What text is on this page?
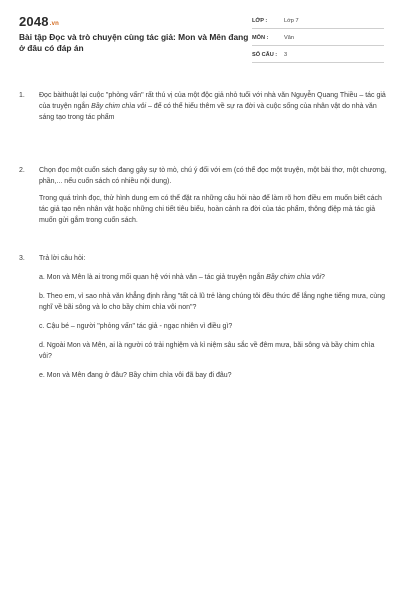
2048.vn
Bài tập Đọc và trò chuyện cùng tác giả: Mon và Mên đang ở đâu có đáp án
LỚP :	Lớp 7
MÔN :	Văn
SỐ CÂU :	3
1.	Đọc bàithuật lại cuộc "phỏng vấn" rất thú vị của một độc giả nhỏ tuổi với nhà văn Nguyễn Quang Thiều – tác giả của truyện ngắn Bầy chim chìa vôi – để có thể hiểu thêm về sự ra đời và cuộc sống của nhân vật do nhà văn sáng tạo trong tác phẩm

2.	Chọn đọc một cuốn sách đang gây sự tò mò, chú ý đối với em (có thể đọc một truyện, một bài thơ, một chương, phần,... nếu cuốn sách có nhiều nội dung).

Trong quá trình đọc, thử hình dung em có thể đặt ra những câu hỏi nào để làm rõ hơn điều em muốn biết cách tác giả tạo nên nhân vật hoặc những chi tiết tiêu biểu, hoàn cảnh ra đời của tác phẩm, thông điệp mà tác giả muốn gửi gắm trong cuốn sách.

3.	Trả lời câu hỏi:

a. Mon và Mên là ai trong mối quan hệ với nhà văn – tác giả truyện ngắn Bầy chim chìa vôi?

b. Theo em, vì sao nhà văn khẳng định rằng "tất cả lũ trẻ làng chúng tôi đều thức để lắng nghe tiếng mưa, cùng nghĩ về bãi sông và lo cho bầy chim chìa vôi non"?

c. Cậu bé – người "phỏng vấn" tác giả - ngạc nhiên vì điều gì?

d. Ngoài Mon và Mên, ai là người có trải nghiệm và kỉ niệm sâu sắc về đêm mưa, bãi sông và bầy chim chìa vôi?

e. Mon và Mên đang ở đâu? Bầy chim chìa vôi đã bay đi đâu?
